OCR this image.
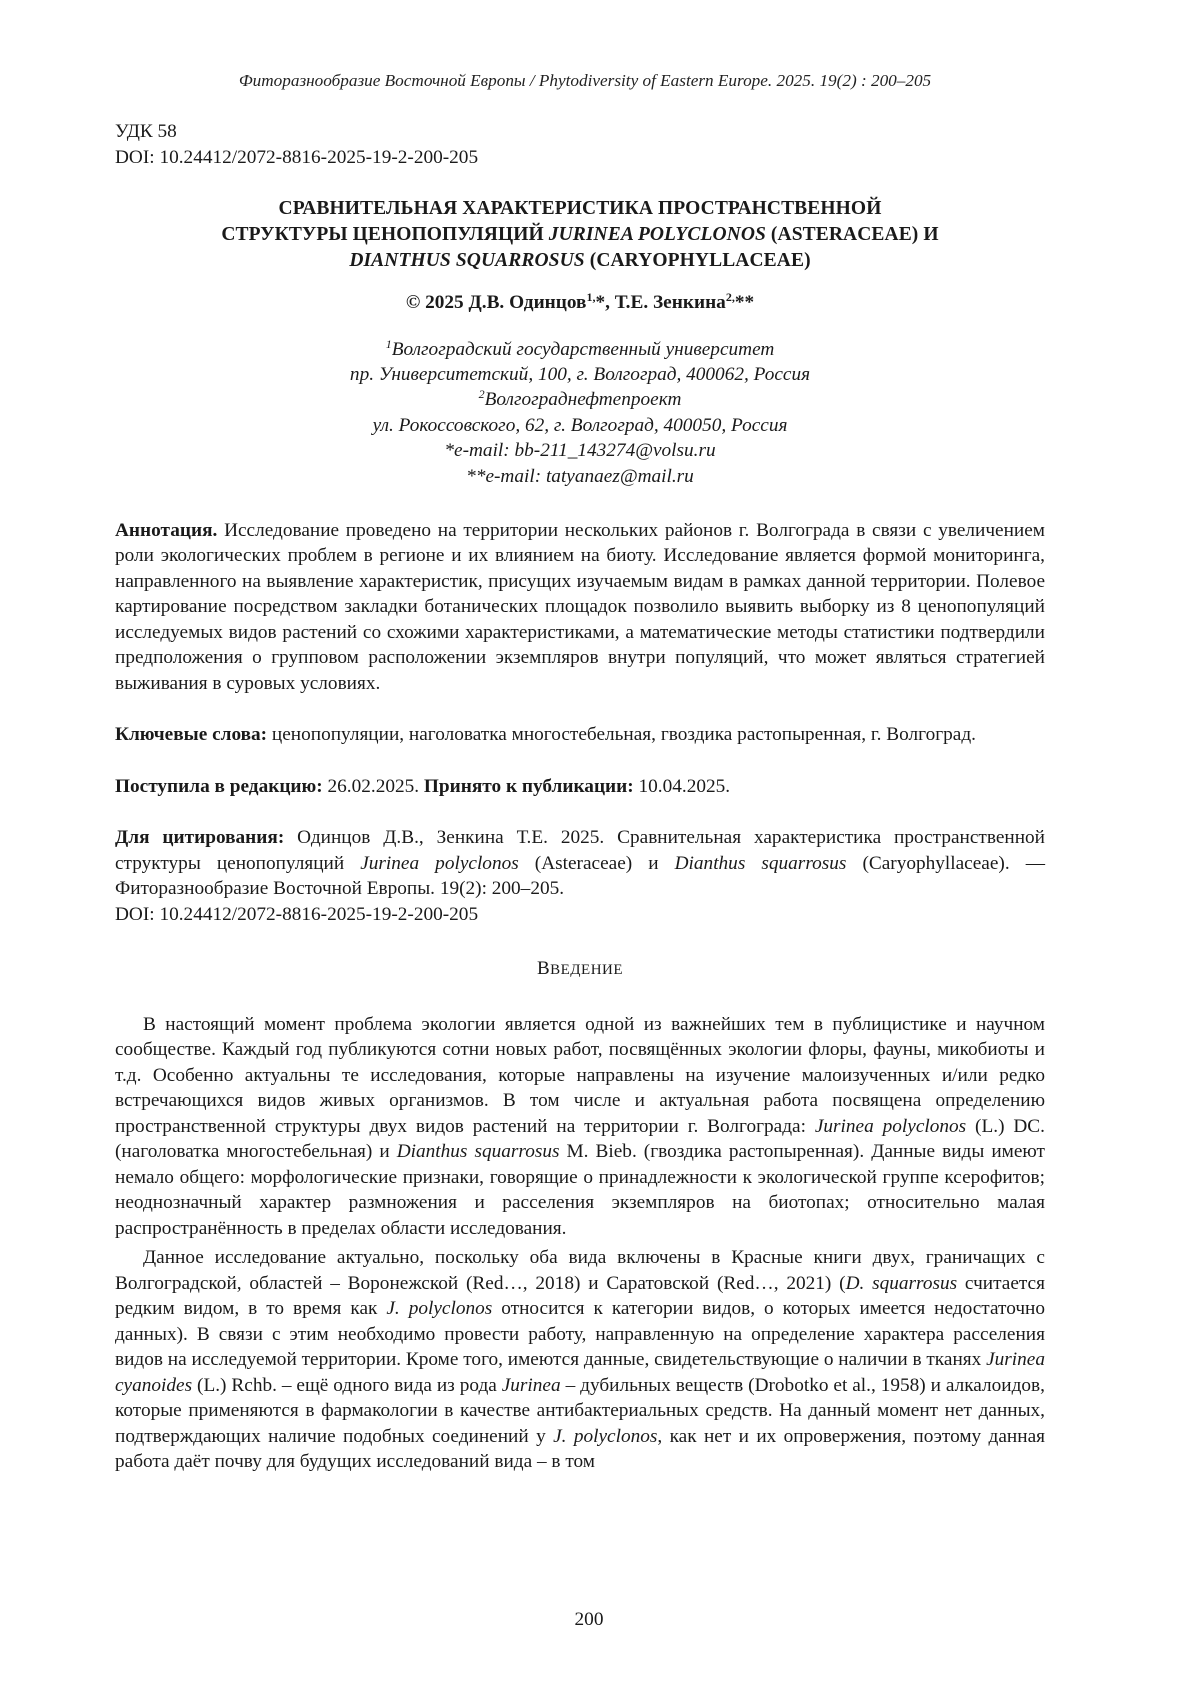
Фиторазнообразие Восточной Европы / Phytodiversity of Eastern Europe. 2025. 19(2) : 200–205
УДК 58
DOI: 10.24412/2072-8816-2025-19-2-200-205
СРАВНИТЕЛЬНАЯ ХАРАКТЕРИСТИКА ПРОСТРАНСТВЕННОЙ
СТРУКТУРЫ ЦЕНОПОПУЛЯЦИЙ JURINEA POLYCLONOS (ASTERACEAE) И
DIANTHUS SQUARROSUS (CARYOPHYLLACEAE)
© 2025 Д.В. Одинцов1,*, Т.Е. Зенкина2,**
1Волгоградский государственный университет
пр. Университетский, 100, г. Волгоград, 400062, Россия
2Волгограднефтепроект
ул. Рокоссовского, 62, г. Волгоград, 400050, Россия
*e-mail: bb-211_143274@volsu.ru
**e-mail: tatyanaez@mail.ru

Аннотация. Исследование проведено на территории нескольких районов г. Волгограда в связи с увеличением роли экологических проблем в регионе и их влиянием на биоту. Исследование является формой мониторинга, направленного на выявление характеристик, присущих изучаемым видам в рамках данной территории. Полевое картирование посредством закладки ботанических площадок позволило выявить выборку из 8 ценопопуляций исследуемых видов растений со схожими характеристиками, а математические методы статистики подтвердили предположения о групповом расположении экземпляров внутри популяций, что может являться стратегией выживания в суровых условиях.

Ключевые слова: ценопопуляции, наголоватка многостебельная, гвоздика растопыренная, г. Волгоград.

Поступила в редакцию: 26.02.2025. Принято к публикации: 10.04.2025.

Для цитирования: Одинцов Д.В., Зенкина Т.Е. 2025. Сравнительная характеристика пространственной структуры ценопопуляций Jurinea polyclonos (Asteraceae) и Dianthus squarrosus (Caryophyllaceae). — Фиторазнообразие Восточной Европы. 19(2): 200–205.
DOI: 10.24412/2072-8816-2025-19-2-200-205

ВВЕДЕНИЕ

В настоящий момент проблема экологии является одной из важнейших тем в публицистике и научном сообществе. Каждый год публикуются сотни новых работ, посвящённых экологии флоры, фауны, микобиоты и т.д. Особенно актуальны те исследования, которые направлены на изучение малоизученных и/или редко встречающихся видов живых организмов. В том числе и актуальная работа посвящена определению пространственной структуры двух видов растений на территории г. Волгограда: Jurinea polyclonos (L.) DC. (наголоватка многостебельная) и Dianthus squarrosus M. Bieb. (гвоздика растопыренная). Данные виды имеют немало общего: морфологические признаки, говорящие о принадлежности к экологической группе ксерофитов; неоднозначный характер размножения и расселения экземпляров на биотопах; относительно малая распространённость в пределах области исследования.

Данное исследование актуально, поскольку оба вида включены в Красные книги двух, граничащих с Волгоградской, областей – Воронежской (Red…, 2018) и Саратовской (Red…, 2021) (D. squarrosus считается редким видом, в то время как J. polyclonos относится к категории видов, о которых имеется недостаточно данных). В связи с этим необходимо провести работу, направленную на определение характера расселения видов на исследуемой территории. Кроме того, имеются данные, свидетельствующие о наличии в тканях Jurinea cyanoides (L.) Rchb. – ещё одного вида из рода Jurinea – дубильных веществ (Drobotko et al., 1958) и алкалоидов, которые применяются в фармакологии в качестве антибактериальных средств. На данный момент нет данных, подтверждающих наличие подобных соединений у J. polyclonos, как нет и их опровержения, поэтому данная работа даёт почву для будущих исследований вида – в том

200
